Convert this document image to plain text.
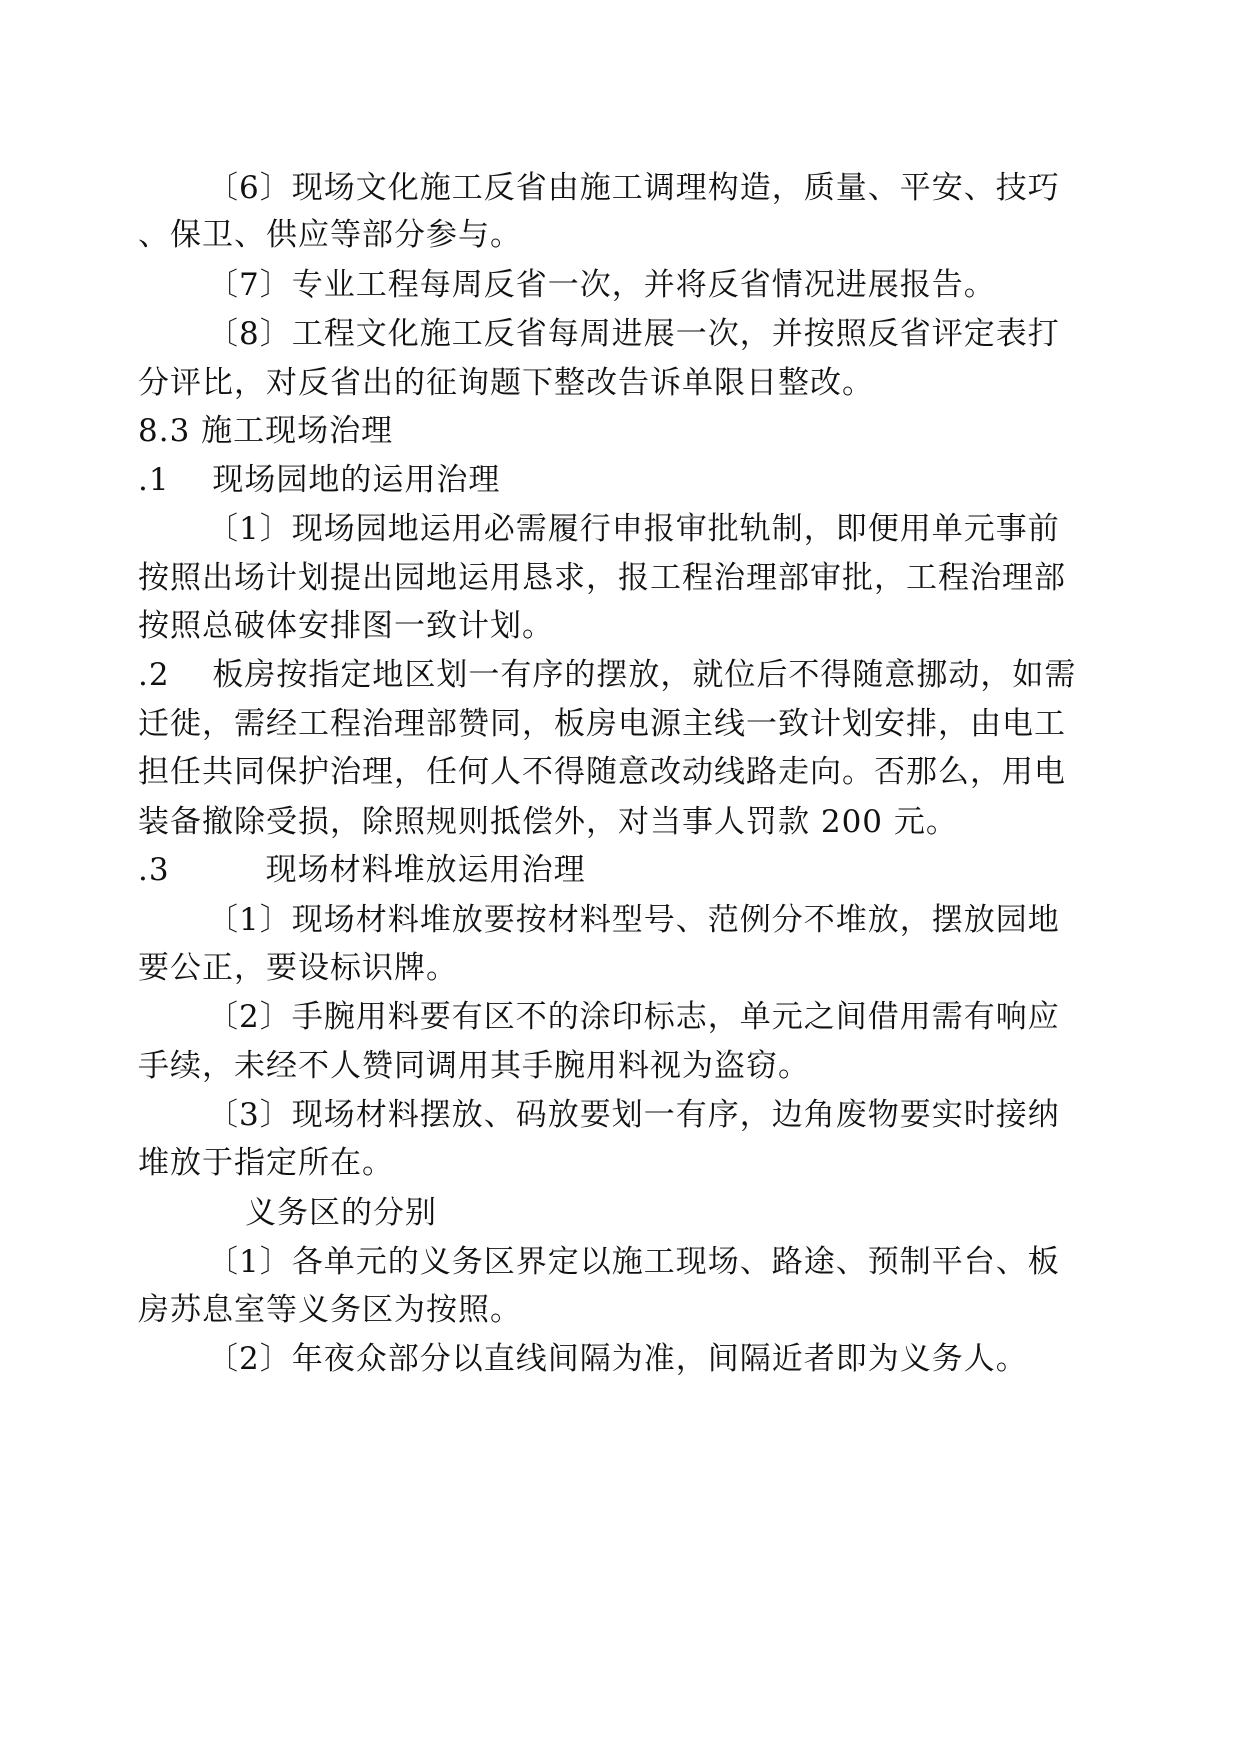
〔6〕现场文化施工反省由施工调理构造，质量、平安、技巧
、保卫、供应等部分参与。
〔7〕专业工程每周反省一次，并将反省情况进展报告。
〔8〕工程文化施工反省每周进展一次，并按照反省评定表打
分评比，对反省出的征询题下整改告诉单限日整改。
8.3 施工现场治理
.1　 现场园地的运用治理
〔1〕现场园地运用必需履行申报审批轨制，即便用单元事前
按照出场计划提出园地运用恳求，报工程治理部审批，工程治理部
按照总破体安排图一致计划。
.2　 板房按指定地区划一有序的摆放，就位后不得随意挪动，如需
迁徙，需经工程治理部赞同，板房电源主线一致计划安排，由电工
担任共同保护治理，任何人不得随意改动线路走向。否那么，用电
装备撤除受损，除照规则抵偿外，对当事人罚款 200 元。
.3　　　现场材料堆放运用治理
〔1〕现场材料堆放要按材料型号、范例分不堆放，摆放园地
要公正，要设标识牌。
〔2〕手腕用料要有区不的涂印标志，单元之间借用需有响应
手续，未经不人赞同调用其手腕用料视为盗窃。
〔3〕现场材料摆放、码放要划一有序，边角废物要实时接纳
堆放于指定所在。
义务区的分别
〔1〕各单元的义务区界定以施工现场、路途、预制平台、板
房苏息室等义务区为按照。
〔2〕年夜众部分以直线间隔为准，间隔近者即为义务人。
